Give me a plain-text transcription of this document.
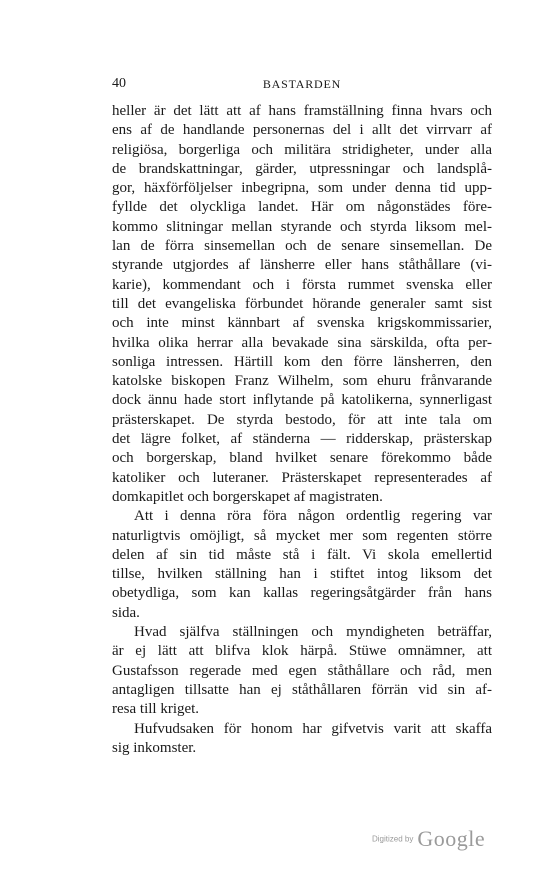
40	BASTARDEN
heller är det lätt att af hans framställning finna hvars och
ens af de handlande personernas del i allt det virrvarr af
religiösa, borgerliga och militära stridigheter, under alla
de brandskattningar, gärder, utpressningar och landsplå-
gor, häxförföljelser inbegripna, som under denna tid upp-
fyllde det olyckliga landet. Här om någonstädes före-
kommo slitningar mellan styrande och styrda liksom mel-
lan de förra sinsemellan och de senare sinsemellan. De
styrande utgjordes af länsherre eller hans ståthållare (vi-
karie), kommendant och i första rummet svenska eller
till det evangeliska förbundet hörande generaler samt sist
och inte minst kännbart af svenska krigskommissarier,
hvilka olika herrar alla bevakade sina särskilda, ofta per-
sonliga intressen. Härtill kom den förre länsherren, den
katolske biskopen Franz Wilhelm, som ehuru frånvarande
dock ännu hade stort inflytande på katolikerna, synnerligast
prästerskapet. De styrda bestodo, för att inte tala om
det lägre folket, af ständerna — ridderskap, prästerskap
och borgerskap, bland hvilket senare förekommo både
katoliker och luteraner. Prästerskapet representerades af
domkapitlet och borgerskapet af magistraten.
Att i denna röra föra någon ordentlig regering var
naturligtvis omöjligt, så mycket mer som regenten större
delen af sin tid måste stå i fält. Vi skola emellertid
tillse, hvilken ställning han i stiftet intog liksom det
obetydliga, som kan kallas regeringsåtgärder från hans
sida.
Hvad själfva ställningen och myndigheten beträffar,
är ej lätt att blifva klok härpå. Stüwe omnämner, att
Gustafsson regerade med egen ståthållare och råd, men
antagligen tillsatte han ej ståthållaren förrän vid sin af-
resa till kriget.
Hufvudsaken för honom har gifvetvis varit att skaffa
sig inkomster.
Digitized by Google
